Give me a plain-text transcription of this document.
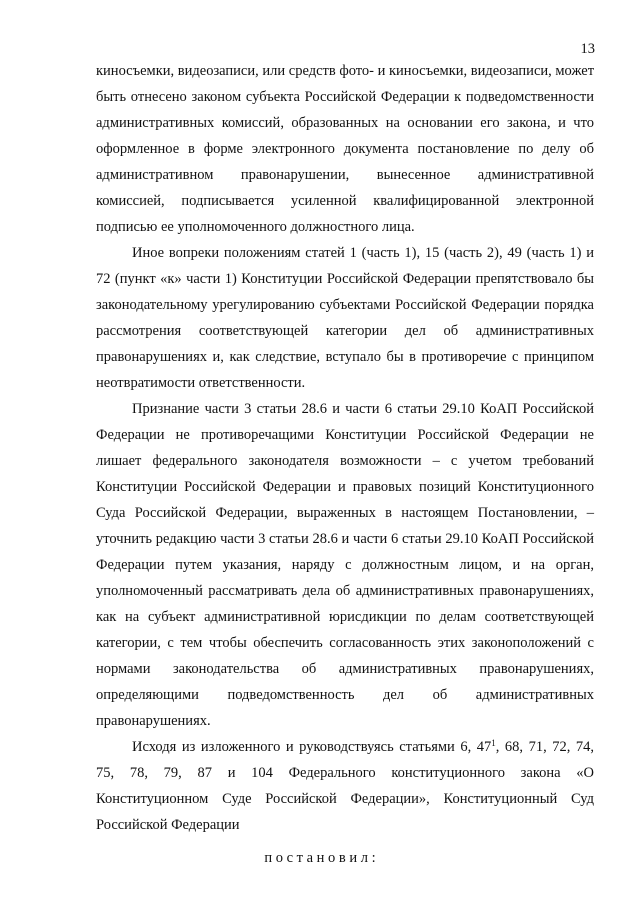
13
киносъемки, видеозаписи, или средств фото- и киносъемки, видеозаписи, может
быть отнесено законом субъекта Российской Федерации к подведомственности
административных комиссий, образованных на основании его закона, и что
оформленное в форме электронного документа постановление по делу об
административном правонарушении, вынесенное административной
комиссией, подписывается усиленной квалифицированной электронной
подписью ее уполномоченного должностного лица.
Иное вопреки положениям статей 1 (часть 1), 15 (часть 2), 49 (часть 1) и
72 (пункт «к» части 1) Конституции Российской Федерации препятствовало бы
законодательному урегулированию субъектами Российской Федерации порядка
рассмотрения соответствующей категории дел об административных
правонарушениях и, как следствие, вступало бы в противоречие с принципом
неотвратимости ответственности.
Признание части 3 статьи 28.6 и части 6 статьи 29.10 КоАП Российской
Федерации не противоречащими Конституции Российской Федерации не
лишает федерального законодателя возможности – с учетом требований
Конституции Российской Федерации и правовых позиций Конституционного
Суда Российской Федерации, выраженных в настоящем Постановлении, –
уточнить редакцию части 3 статьи 28.6 и части 6 статьи 29.10 КоАП Российской
Федерации путем указания, наряду с должностным лицом, и на орган,
уполномоченный рассматривать дела об административных правонарушениях,
как на субъект административной юрисдикции по делам соответствующей
категории, с тем чтобы обеспечить согласованность этих законоположений с
нормами законодательства об административных правонарушениях,
определяющими подведомственность дел об административных
правонарушениях.
Исходя из изложенного и руководствуясь статьями 6, $47^1$, 68, 71, 72, 74,
75, 78, 79, 87 и 104 Федерального конституционного закона «О
Конституционном Суде Российской Федерации», Конституционный Суд
Российской Федерации
п о с т а н о в и л :
